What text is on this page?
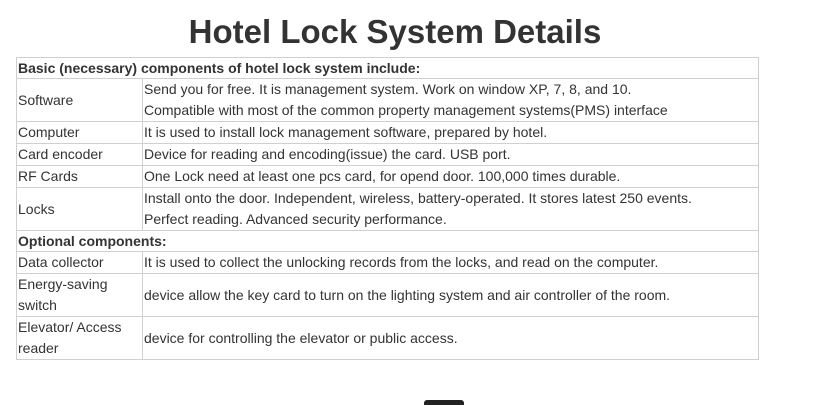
Hotel Lock System Details
Basic (necessary) components of hotel lock system include:	
Software	Send you for free. It is management system. Work on window XP, 7, 8, and 10.
Compatible with most of the common property management systems(PMS) interface

Computer	It is used to install lock management software, prepared by hotel.

Card encoder	Device for reading and encoding(issue) the card. USB port.

RF Cards	One Lock need at least one pcs card, for opend door. 100,000 times durable.

Locks	Install onto the door. Independent, wireless, battery-operated. It stores latest 250 events.
Perfect reading. Advanced security performance.

Optional components:	
Data collector	It is used to collect the unlocking records from the locks, and read on the computer.

Energy-saving switch	device allow the key card to turn on the lighting system and air controller of the room.

Elevator/ Access reader	device for controlling the elevator or public access.
